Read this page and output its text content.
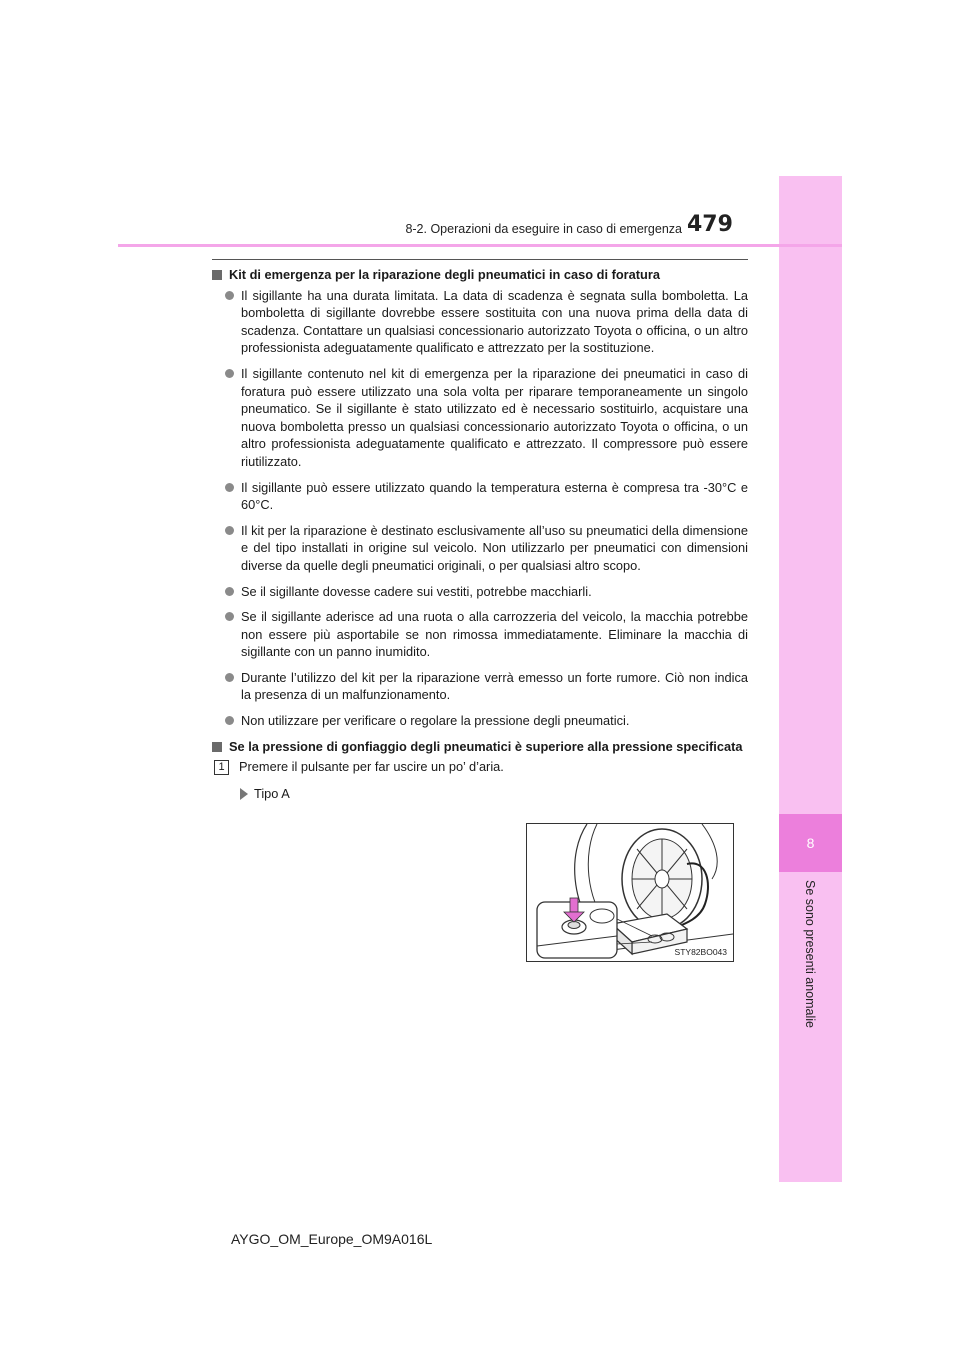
8
Se sono presenti anomalie
8-2. Operazioni da eseguire in caso di emergenza 479

Kit di emergenza per la riparazione degli pneumatici in caso di foratura

Il sigillante ha una durata limitata. La data di scadenza è segnata sulla bomboletta. La bomboletta di sigillante dovrebbe essere sostituita con una nuova prima della data di scadenza. Contattare un qualsiasi concessionario autorizzato Toyota o officina, o un altro professionista adeguatamente qualificato e attrezzato per la sostituzione.

Il sigillante contenuto nel kit di emergenza per la riparazione dei pneumatici in caso di foratura può essere utilizzato una sola volta per riparare temporaneamente un singolo pneumatico. Se il sigillante è stato utilizzato ed è necessario sostituirlo, acquistare una nuova bomboletta presso un qualsiasi concessionario autorizzato Toyota o officina, o un altro professionista adeguatamente qualificato e attrezzato. Il compressore può essere riutilizzato.

Il sigillante può essere utilizzato quando la temperatura esterna è compresa tra -30°C e 60°C.

Il kit per la riparazione è destinato esclusivamente all’uso su pneumatici della dimensione e del tipo installati in origine sul veicolo. Non utilizzarlo per pneumatici con dimensioni diverse da quelle degli pneumatici originali, o per qualsiasi altro scopo.

Se il sigillante dovesse cadere sui vestiti, potrebbe macchiarli.

Se il sigillante aderisce ad una ruota o alla carrozzeria del veicolo, la macchia potrebbe non essere più asportabile se non rimossa immediatamente. Eliminare la macchia di sigillante con un panno inumidito.

Durante l’utilizzo del kit per la riparazione verrà emesso un forte rumore. Ciò non indica la presenza di un malfunzionamento.

Non utilizzare per verificare o regolare la pressione degli pneumatici.

Se la pressione di gonfiaggio degli pneumatici è superiore alla pressione specificata

1	Premere il pulsante per far uscire un po’ d’aria.
Tipo A
STY82BO043
AYGO_OM_Europe_OM9A016L
